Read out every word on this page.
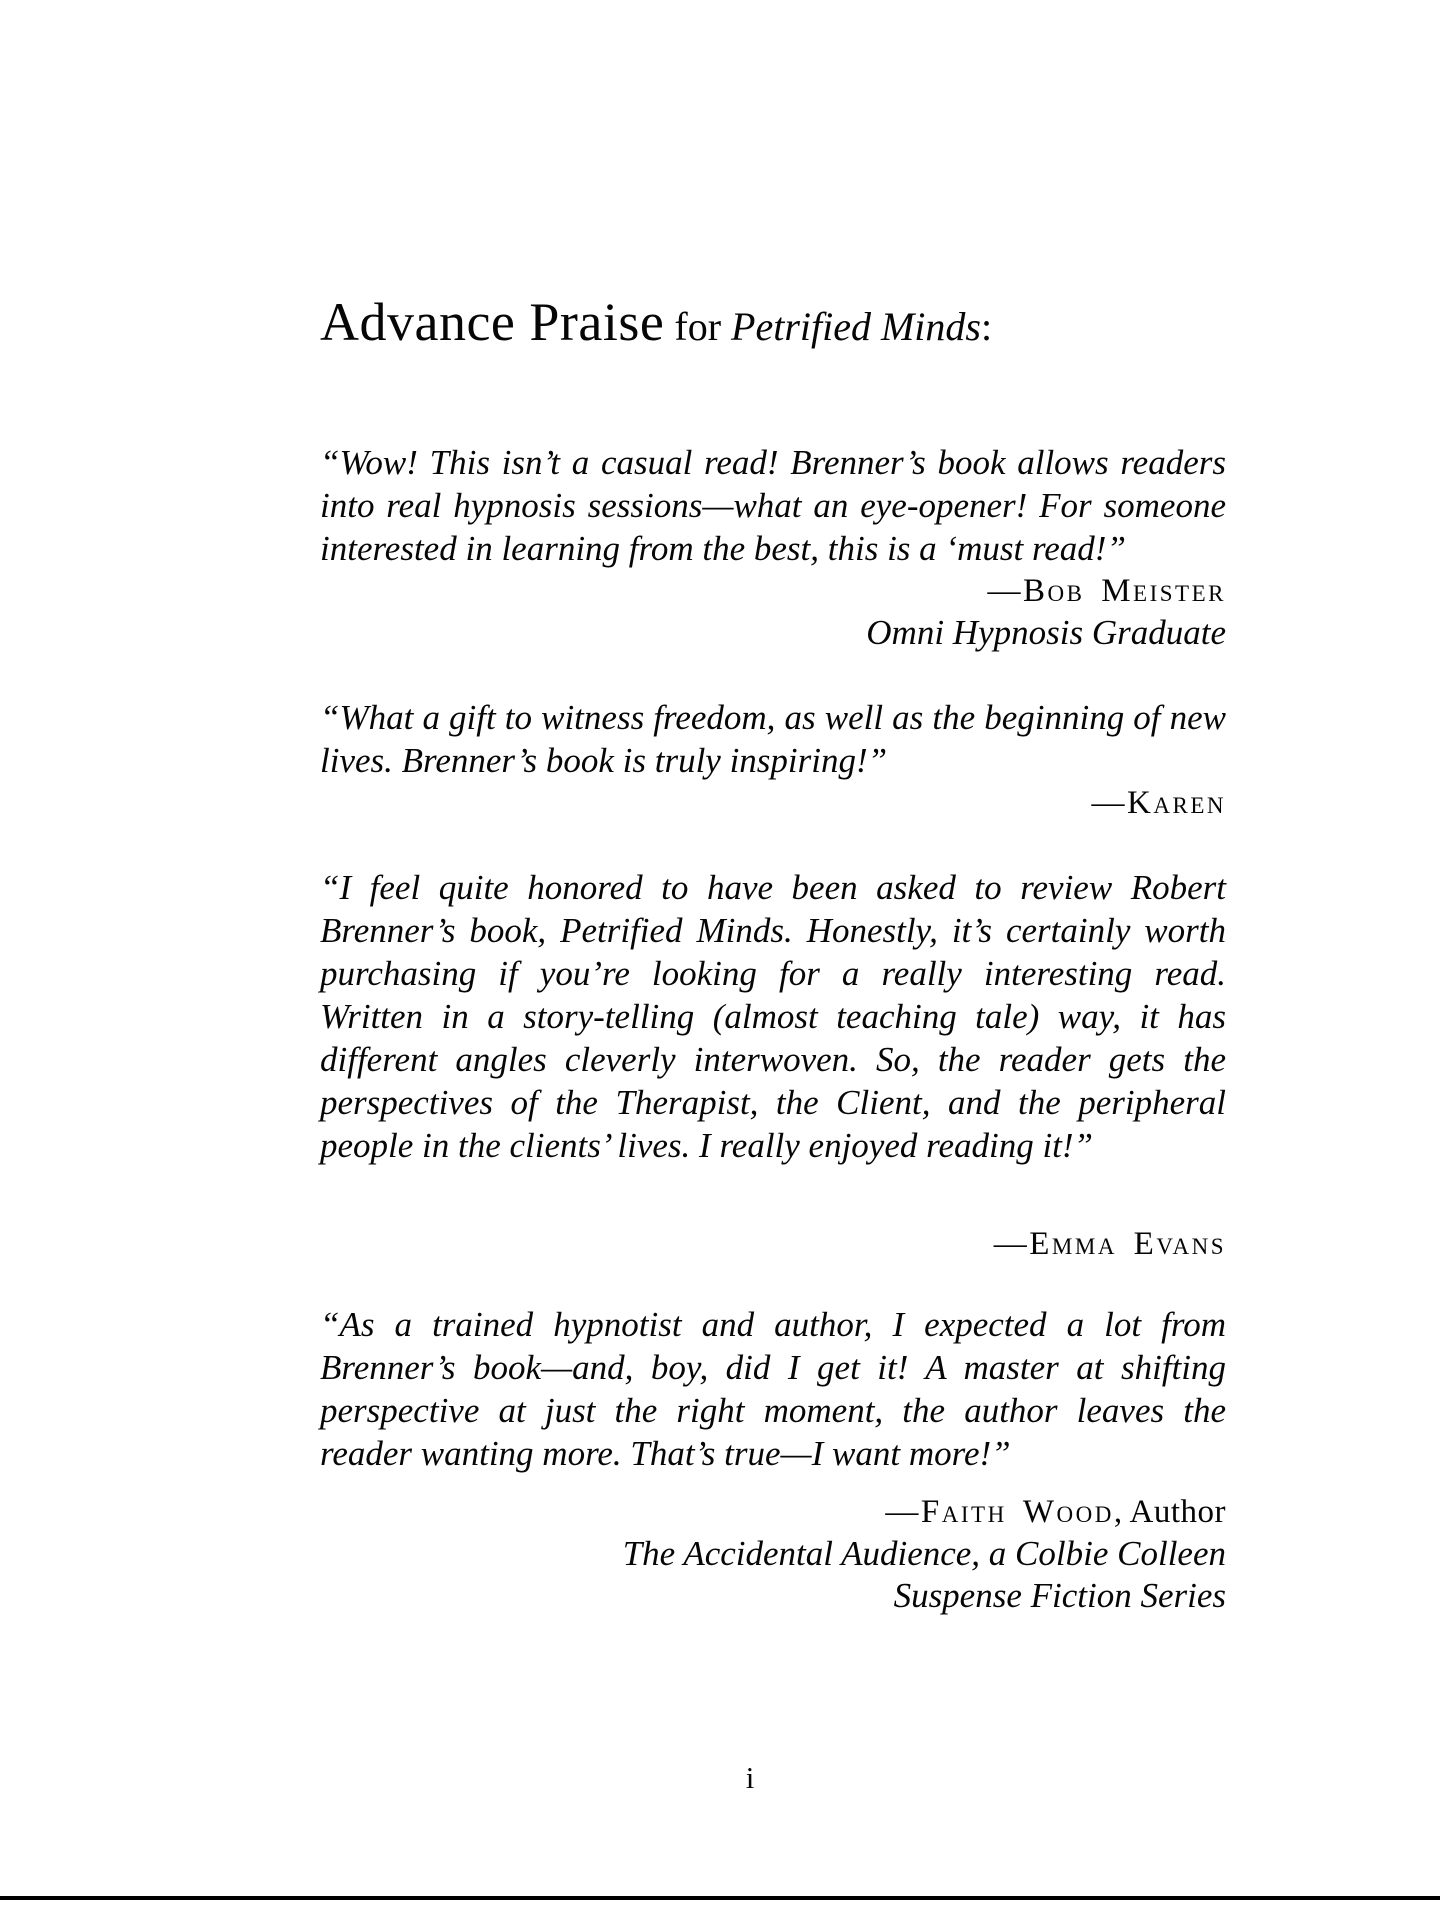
Advance Praise for Petrified Minds:

“Wow! This isn’t a casual read! Brenner’s book allows readers into real hypnosis sessions—what an eye-opener! For someone interested in learning from the best, this is a ‘must read!”

—Bob Meister

Omni Hypnosis Graduate

“What a gift to witness freedom, as well as the beginning of new lives. Brenner’s book is truly inspiring!”

—Karen

“I feel quite honored to have been asked to review Robert Brenner’s book, Petrified Minds. Honestly, it’s certainly worth purchasing if you’re looking for a really interesting read. Written in a story-telling (almost teaching tale) way, it has different angles cleverly interwoven. So, the reader gets the perspectives of the Therapist, the Client, and the peripheral people in the clients’ lives. I really enjoyed reading it!”

—Emma Evans

“As a trained hypnotist and author, I expected a lot from Brenner’s book—and, boy, did I get it! A master at shifting perspective at just the right moment, the author leaves the reader wanting more. That’s true—I want more!”

—Faith Wood, Author

The Accidental Audience, a Colbie Colleen

Suspense Fiction Series

i
